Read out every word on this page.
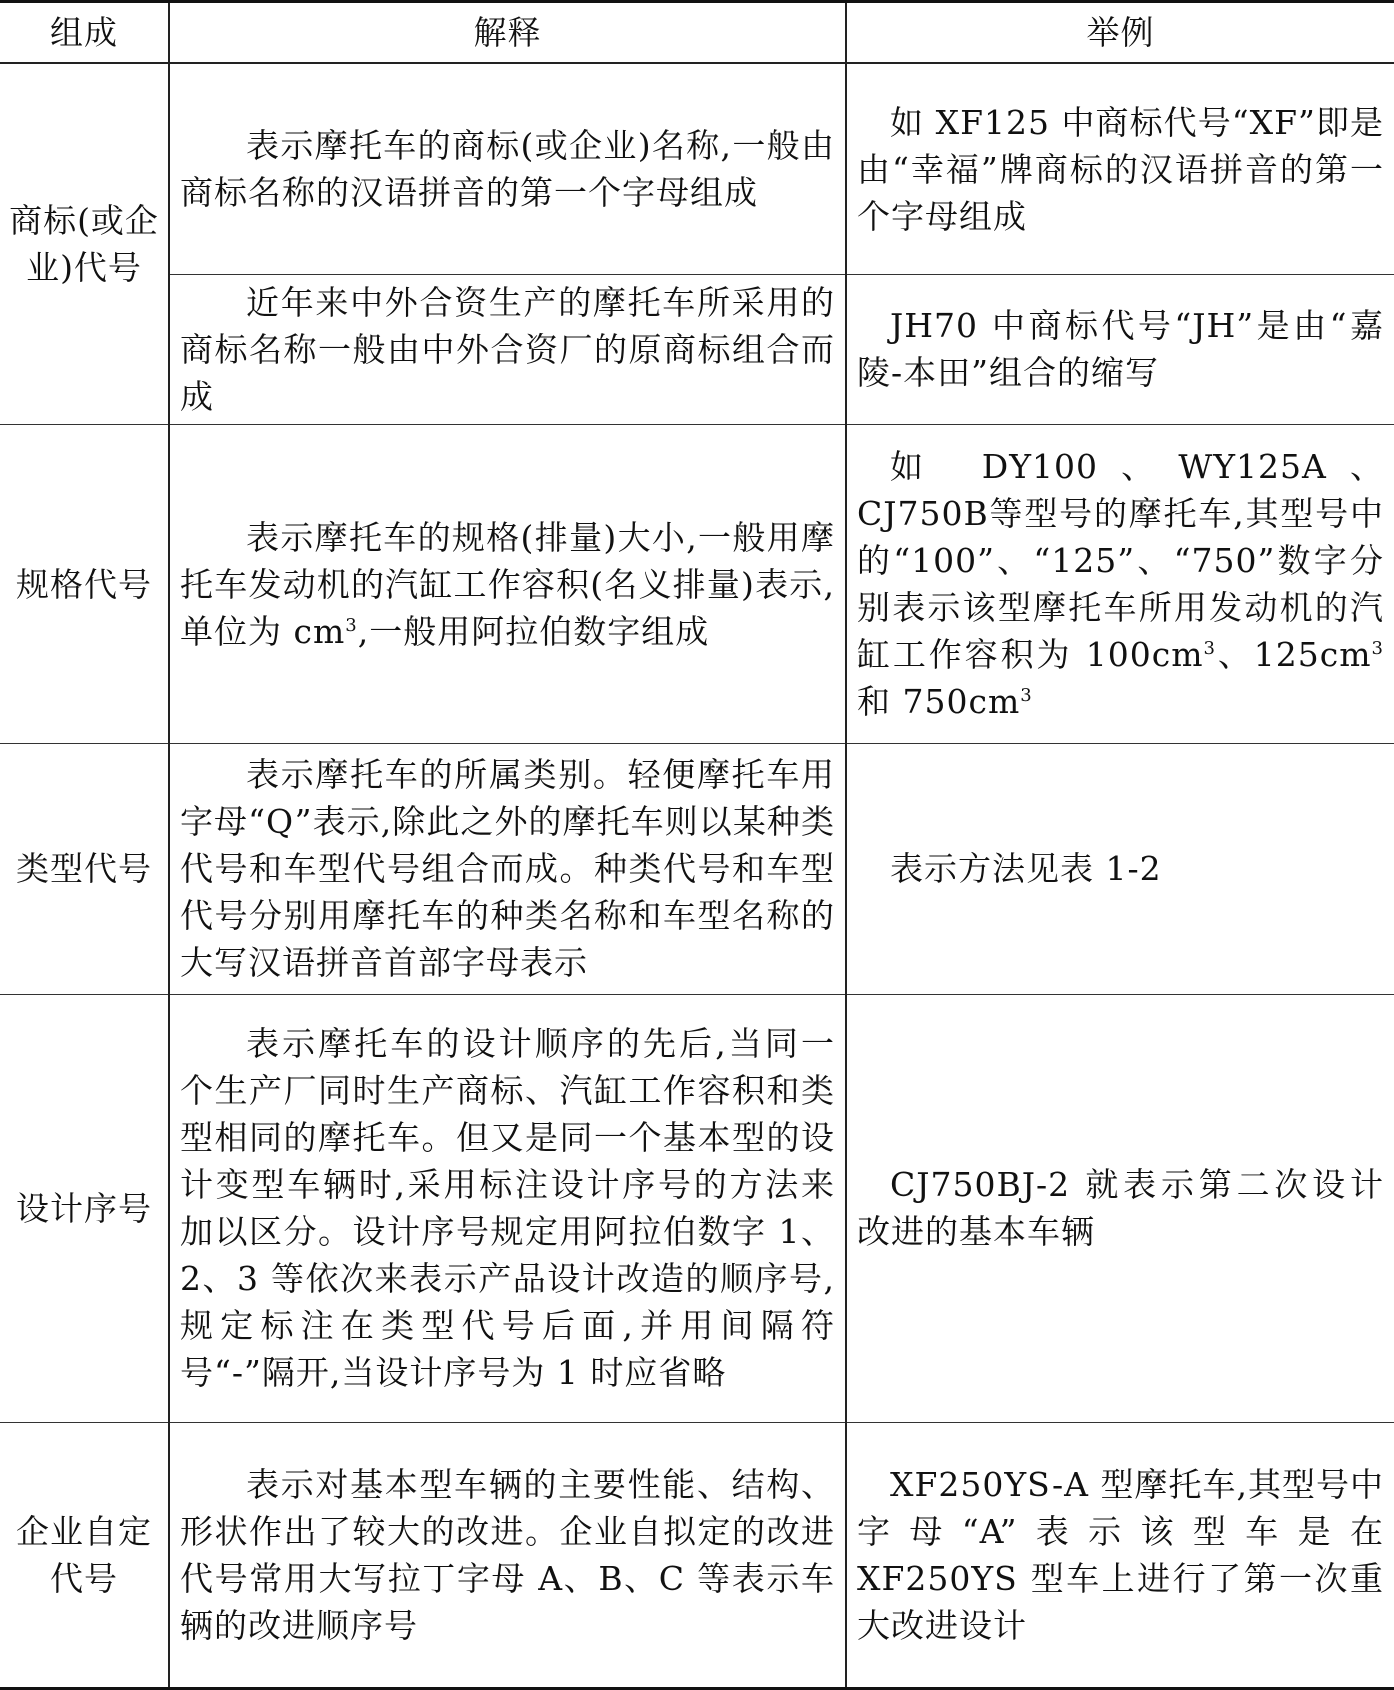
组成	解释	举例
商标(或企业)代号	表示摩托车的商标(或企业)名称,一般由商标名称的汉语拼音的第一个字母组成	如 XF125 中商标代号“XF”即是由“幸福”牌商标的汉语拼音的第一个字母组成
	近年来中外合资生产的摩托车所采用的商标名称一般由中外合资厂的原商标组合而成	JH70 中商标代号“JH”是由“嘉陵-本田”组合的缩写
规格代号	表示摩托车的规格(排量)大小,一般用摩托车发动机的汽缸工作容积(名义排量)表示,单位为 $cm^3$,一般用阿拉伯数字组成	如 DY100、WY125A、CJ750B等型号的摩托车,其型号中的“100”、“125”、“750”数字分别表示该型摩托车所用发动机的汽缸工作容积为 $100cm^3$、$125cm^3$和 $750cm^3$
类型代号	表示摩托车的所属类别。轻便摩托车用字母“Q”表示,除此之外的摩托车则以某种类代号和车型代号组合而成。种类代号和车型代号分别用摩托车的种类名称和车型名称的大写汉语拼音首部字母表示	表示方法见表 1-2
设计序号	表示摩托车的设计顺序的先后,当同一个生产厂同时生产商标、汽缸工作容积和类型相同的摩托车。但又是同一个基本型的设计变型车辆时,采用标注设计序号的方法来加以区分。设计序号规定用阿拉伯数字 1、2、3 等依次来表示产品设计改造的顺序号,规定标注在类型代号后面,并用间隔符号“-”隔开,当设计序号为 1 时应省略	CJ750BJ-2 就表示第二次设计改进的基本车辆
企业自定代号	表示对基本型车辆的主要性能、结构、形状作出了较大的改进。企业自拟定的改进代号常用大写拉丁字母 A、B、C 等表示车辆的改进顺序号	XF250YS-A 型摩托车,其型号中字母“A”表示该型车是在 XF250YS 型车上进行了第一次重大改进设计
